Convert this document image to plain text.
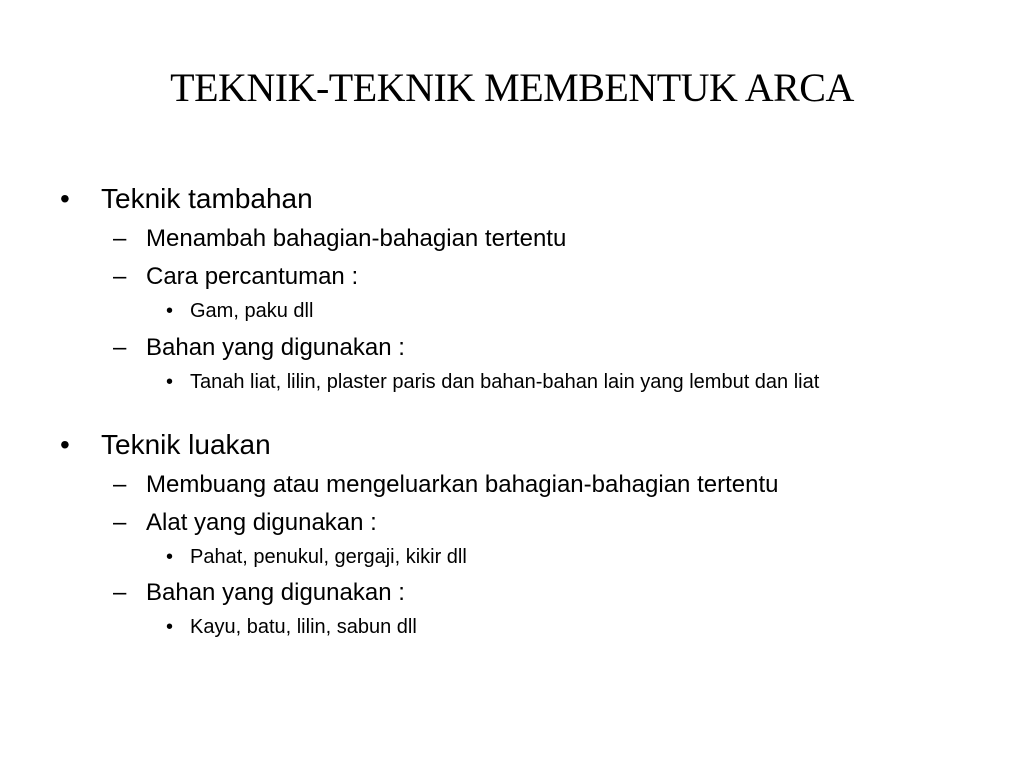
TEKNIK-TEKNIK MEMBENTUK ARCA
• Teknik tambahan
– Menambah bahagian-bahagian tertentu
– Cara percantuman :
• Gam, paku dll
– Bahan yang digunakan :
• Tanah liat, lilin, plaster paris dan bahan-bahan lain yang lembut dan liat
• Teknik luakan
– Membuang atau mengeluarkan bahagian-bahagian tertentu
– Alat yang digunakan :
• Pahat, penukul, gergaji, kikir dll
– Bahan yang digunakan :
• Kayu, batu, lilin, sabun dll
